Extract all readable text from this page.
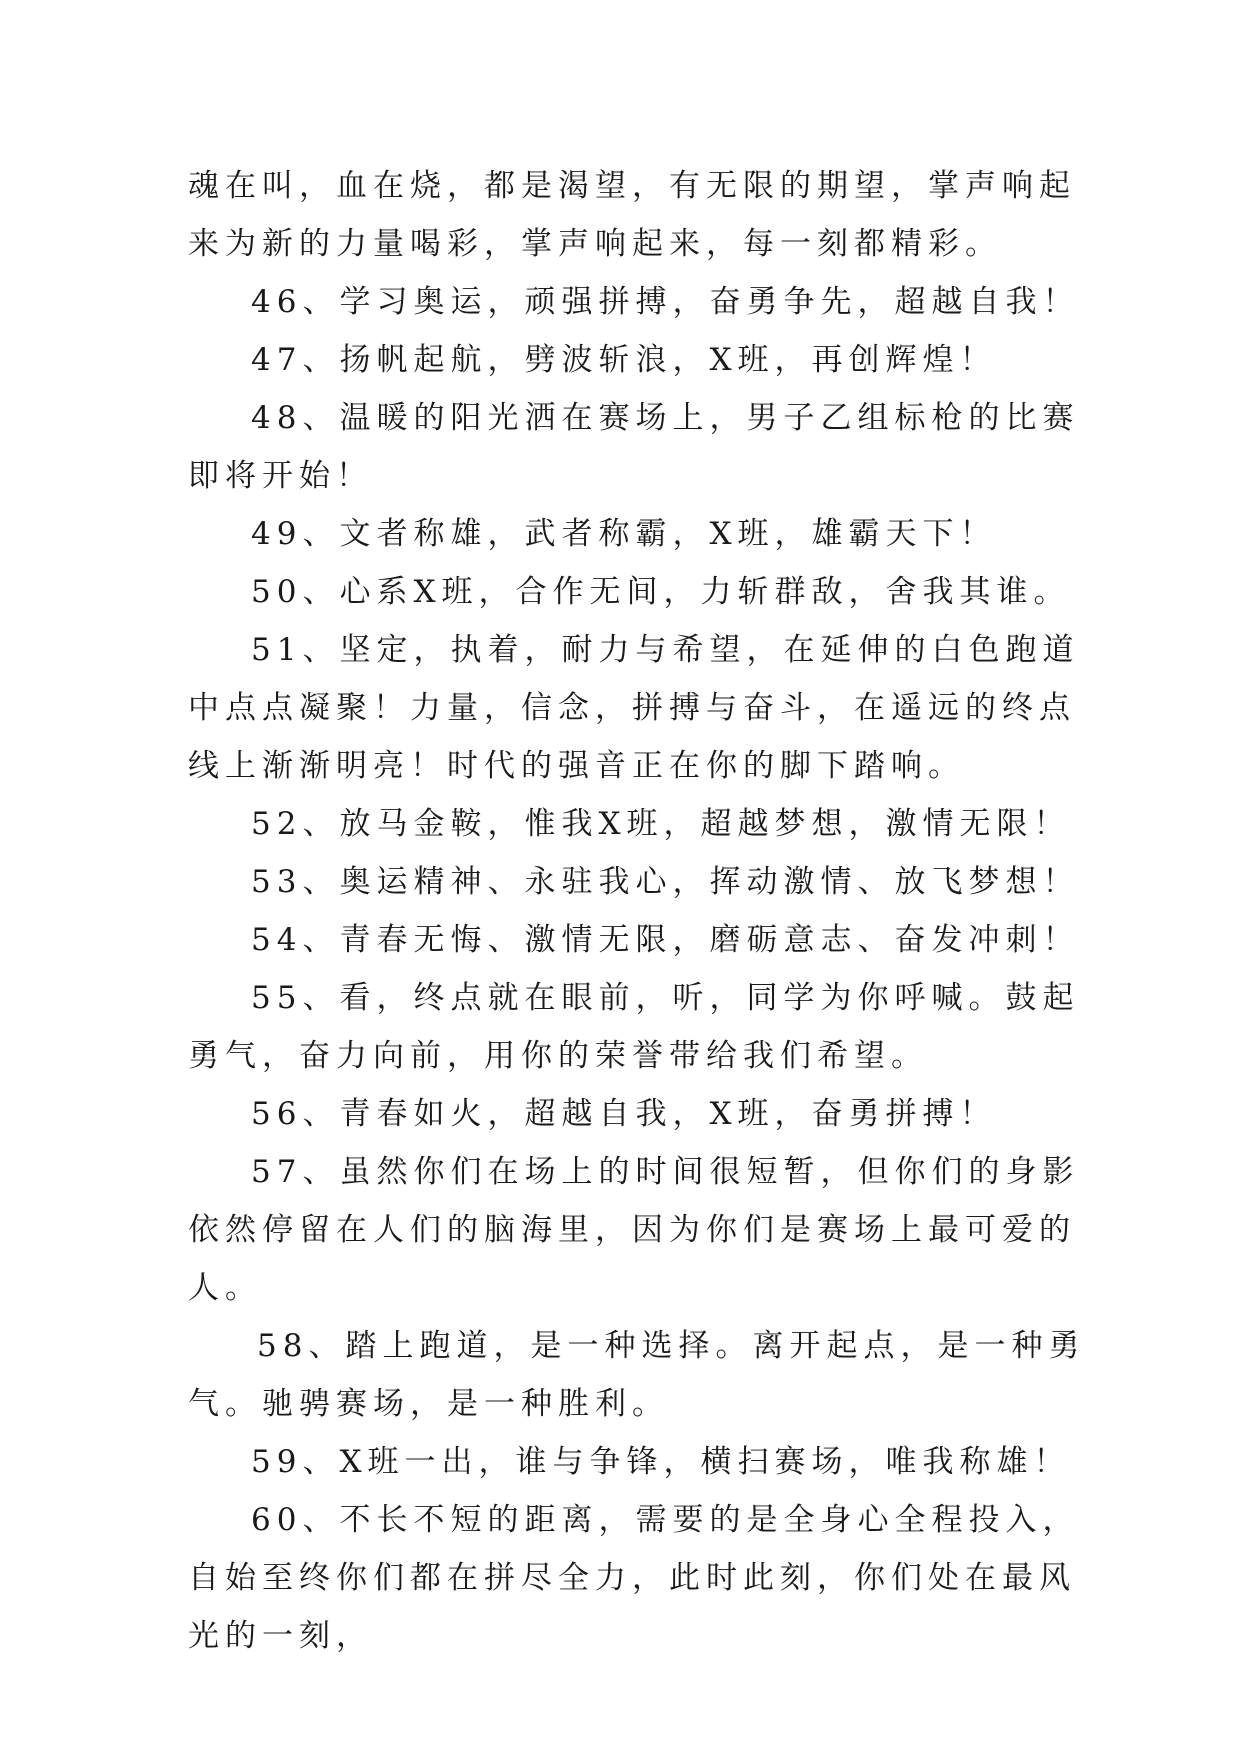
魂在叫，血在烧，都是渴望，有无限的期望，掌声响起来为新的力量喝彩，掌声响起来，每一刻都精彩。

46、学习奥运，顽强拼搏，奋勇争先，超越自我！

47、扬帆起航，劈波斩浪，X班，再创辉煌！

48、温暖的阳光洒在赛场上，男子乙组标枪的比赛即将开始！

49、文者称雄，武者称霸，X班，雄霸天下！

50、心系X班，合作无间，力斩群敌，舍我其谁。

51、坚定，执着，耐力与希望，在延伸的白色跑道中点点凝聚！力量，信念，拼搏与奋斗，在遥远的终点线上渐渐明亮！时代的强音正在你的脚下踏响。

52、放马金鞍，惟我X班，超越梦想，激情无限！

53、奥运精神、永驻我心，挥动激情、放飞梦想！

54、青春无悔、激情无限，磨砺意志、奋发冲刺！

55、看，终点就在眼前，听，同学为你呼喊。鼓起勇气，奋力向前，用你的荣誉带给我们希望。

56、青春如火，超越自我，X班，奋勇拼搏！

57、虽然你们在场上的时间很短暂，但你们的身影依然停留在人们的脑海里，因为你们是赛场上最可爱的人。

58、踏上跑道，是一种选择。离开起点，是一种勇气。驰骋赛场，是一种胜利。

59、X班一出，谁与争锋，横扫赛场，唯我称雄！

60、不长不短的距离，需要的是全身心全程投入，自始至终你们都在拼尽全力，此时此刻，你们处在最风光的一刻，
